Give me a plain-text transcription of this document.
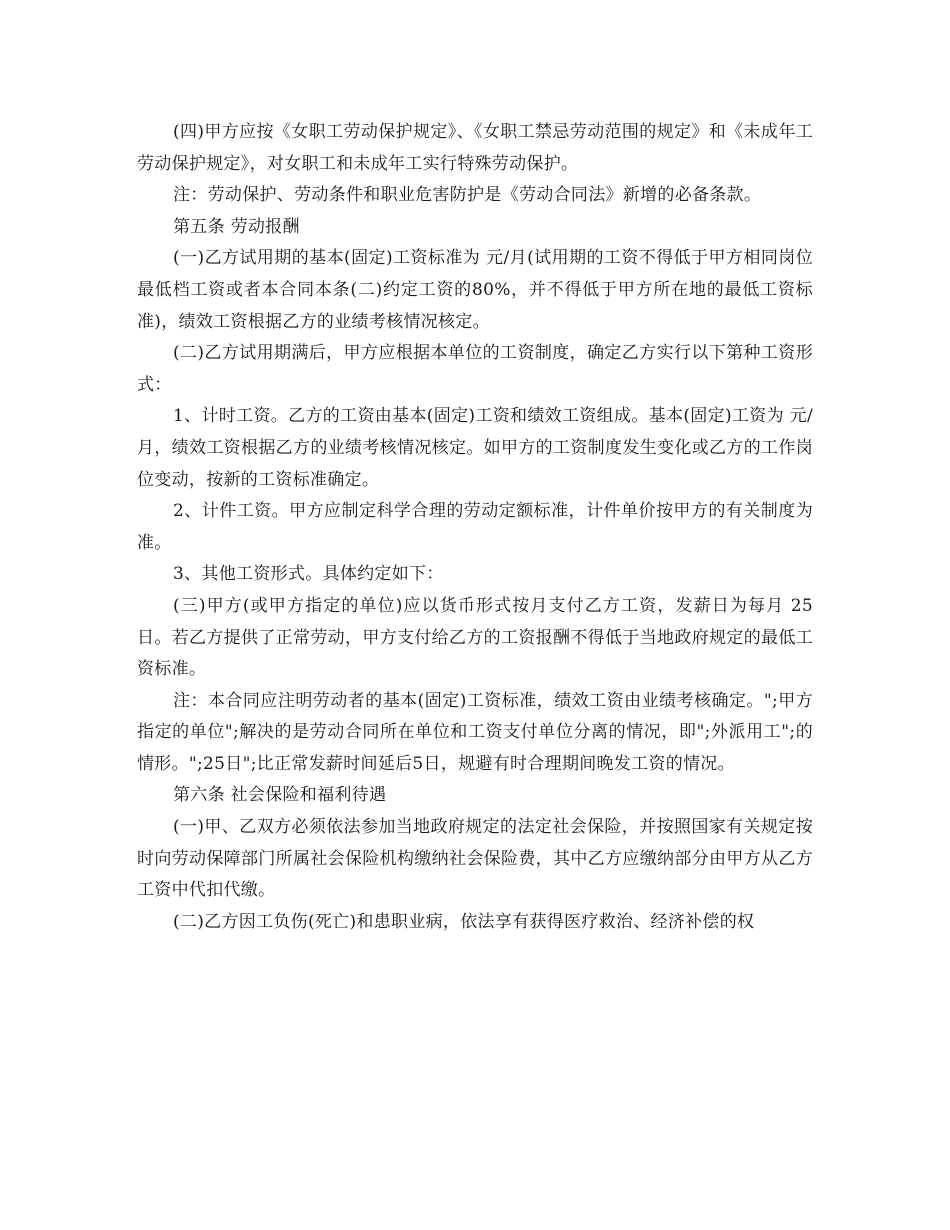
(四)甲方应按《女职工劳动保护规定》、《女职工禁忌劳动范围的规定》和《未成年工劳动保护规定》，对女职工和未成年工实行特殊劳动保护。

注：劳动保护、劳动条件和职业危害防护是《劳动合同法》新增的必备条款。

第五条 劳动报酬

(一)乙方试用期的基本(固定)工资标准为 元/月(试用期的工资不得低于甲方相同岗位最低档工资或者本合同本条(二)约定工资的80%，并不得低于甲方所在地的最低工资标准)，绩效工资根据乙方的业绩考核情况核定。

(二)乙方试用期满后，甲方应根据本单位的工资制度，确定乙方实行以下第种工资形式：

1、计时工资。乙方的工资由基本(固定)工资和绩效工资组成。基本(固定)工资为 元/月，绩效工资根据乙方的业绩考核情况核定。如甲方的工资制度发生变化或乙方的工作岗位变动，按新的工资标准确定。

2、计件工资。甲方应制定科学合理的劳动定额标准，计件单价按甲方的有关制度为准。

3、其他工资形式。具体约定如下：

(三)甲方(或甲方指定的单位)应以货币形式按月支付乙方工资，发薪日为每月 25 日。若乙方提供了正常劳动，甲方支付给乙方的工资报酬不得低于当地政府规定的最低工资标准。

注：本合同应注明劳动者的基本(固定)工资标准，绩效工资由业绩考核确定。";甲方指定的单位";解决的是劳动合同所在单位和工资支付单位分离的情况，即";外派用工";的情形。";25日";比正常发薪时间延后5日，规避有时合理期间晚发工资的情况。

第六条 社会保险和福利待遇

(一)甲、乙双方必须依法参加当地政府规定的法定社会保险，并按照国家有关规定按时向劳动保障部门所属社会保险机构缴纳社会保险费，其中乙方应缴纳部分由甲方从乙方工资中代扣代缴。

(二)乙方因工负伤(死亡)和患职业病，依法享有获得医疗救治、经济补偿的权
